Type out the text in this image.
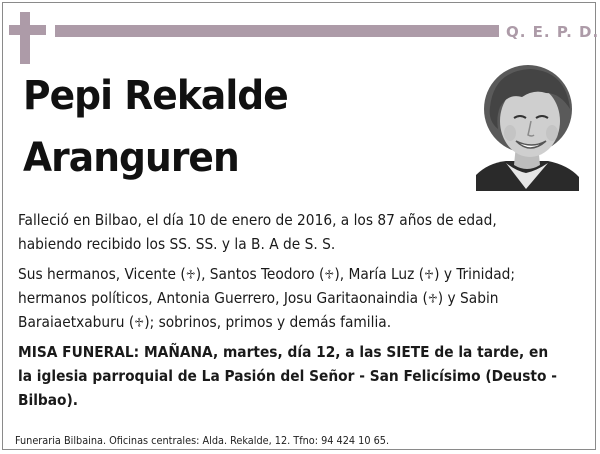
Q. E. P. D.
Pepi Rekalde
Aranguren
Falleció en Bilbao, el día 10 de enero de 2016, a los 87 años de edad,
habiendo recibido los SS. SS. y la B. A de S. S.
Sus hermanos, Vicente (♱), Santos Teodoro (♱), María Luz (♱) y Trinidad;
hermanos políticos, Antonia Guerrero, Josu Garitaonaindia (♱) y Sabin
Baraiaetxaburu (♱); sobrinos, primos y demás familia.
MISA FUNERAL: MAÑANA, martes, día 12, a las SIETE de la tarde, en
la iglesia parroquial de La Pasión del Señor - San Felicísimo (Deusto -
Bilbao).
Funeraria Bilbaina. Oficinas centrales: Alda. Rekalde, 12. Tfno: 94 424 10 65.
